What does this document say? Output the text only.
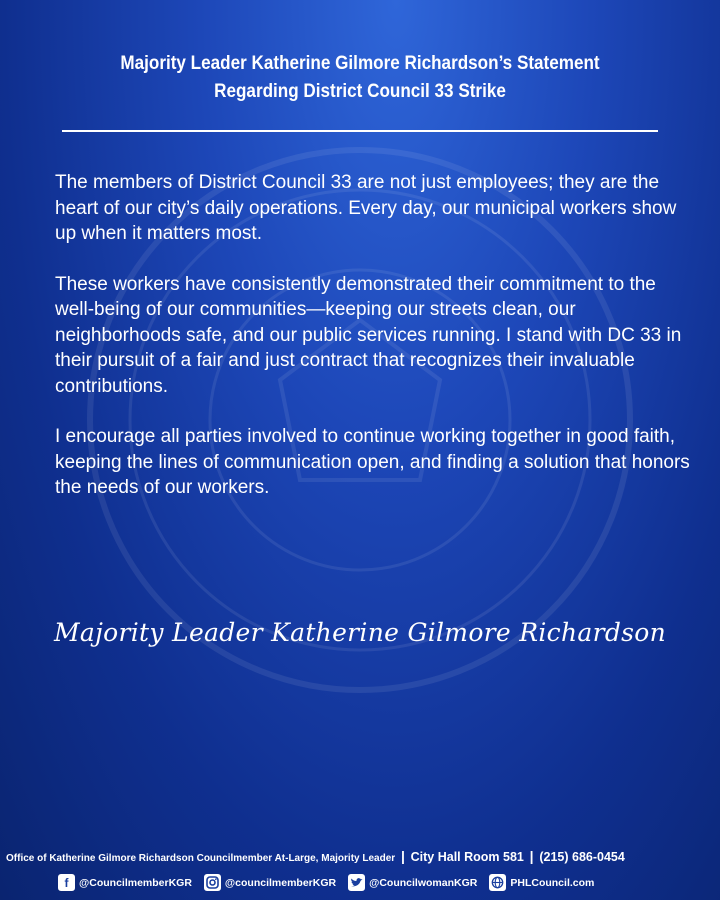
Majority Leader Katherine Gilmore Richardson’s Statement
Regarding District Council 33 Strike

The members of District Council 33 are not just employees; they are the heart of our city’s daily operations. Every day, our municipal workers show up when it matters most.

These workers have consistently demonstrated their commitment to the well-being of our communities—keeping our streets clean, our neighborhoods safe, and our public services running. I stand with DC 33 in their pursuit of a fair and just contract that recognizes their invaluable contributions.

I encourage all parties involved to continue working together in good faith, keeping the lines of communication open, and finding a solution that honors the needs of our workers.

Majority Leader Katherine Gilmore Richardson
Office of Katherine Gilmore Richardson Councilmember At-Large, Majority Leader | City Hall Room 581 | (215) 686-0454
f	@CouncilmemberKGR	@councilmemberKGR	@CouncilwomanKGR	PHLCouncil.com
